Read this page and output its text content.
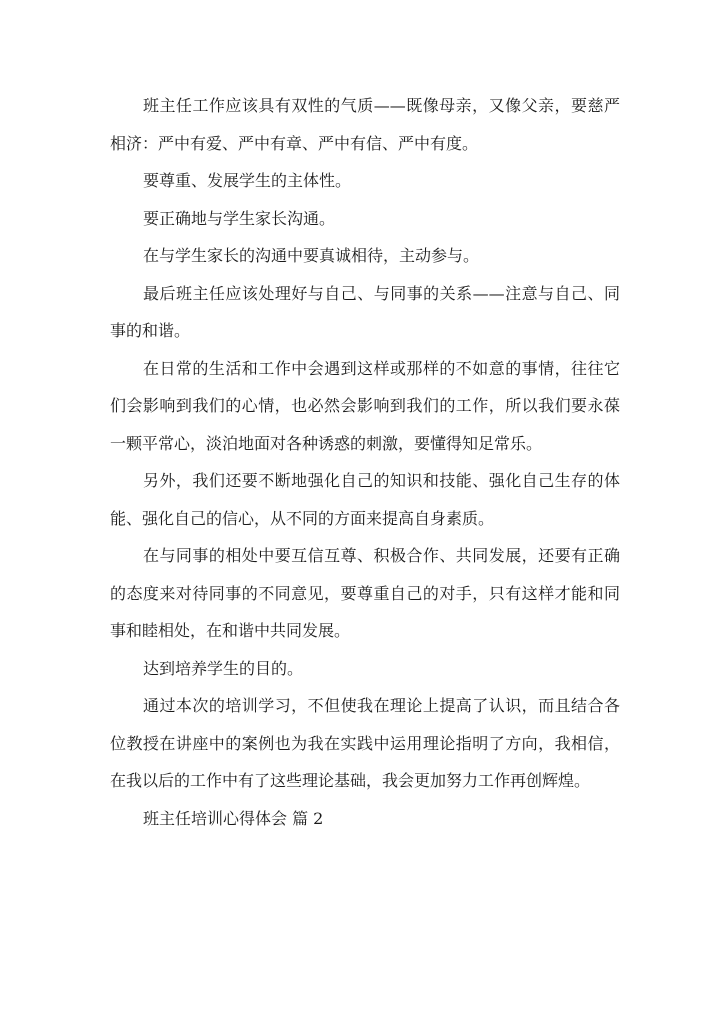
班主任工作应该具有双性的气质——既像母亲，又像父亲，要慈严相济：严中有爱、严中有章、严中有信、严中有度。

要尊重、发展学生的主体性。

要正确地与学生家长沟通。

在与学生家长的沟通中要真诚相待，主动参与。

最后班主任应该处理好与自己、与同事的关系——注意与自己、同事的和谐。

在日常的生活和工作中会遇到这样或那样的不如意的事情，往往它们会影响到我们的心情，也必然会影响到我们的工作，所以我们要永葆一颗平常心，淡泊地面对各种诱惑的刺激，要懂得知足常乐。

另外，我们还要不断地强化自己的知识和技能、强化自己生存的体能、强化自己的信心，从不同的方面来提高自身素质。

在与同事的相处中要互信互尊、积极合作、共同发展，还要有正确的态度来对待同事的不同意见，要尊重自己的对手，只有这样才能和同事和睦相处，在和谐中共同发展。

达到培养学生的目的。

通过本次的培训学习，不但使我在理论上提高了认识，而且结合各位教授在讲座中的案例也为我在实践中运用理论指明了方向，我相信，在我以后的工作中有了这些理论基础，我会更加努力工作再创辉煌。

班主任培训心得体会 篇 2
